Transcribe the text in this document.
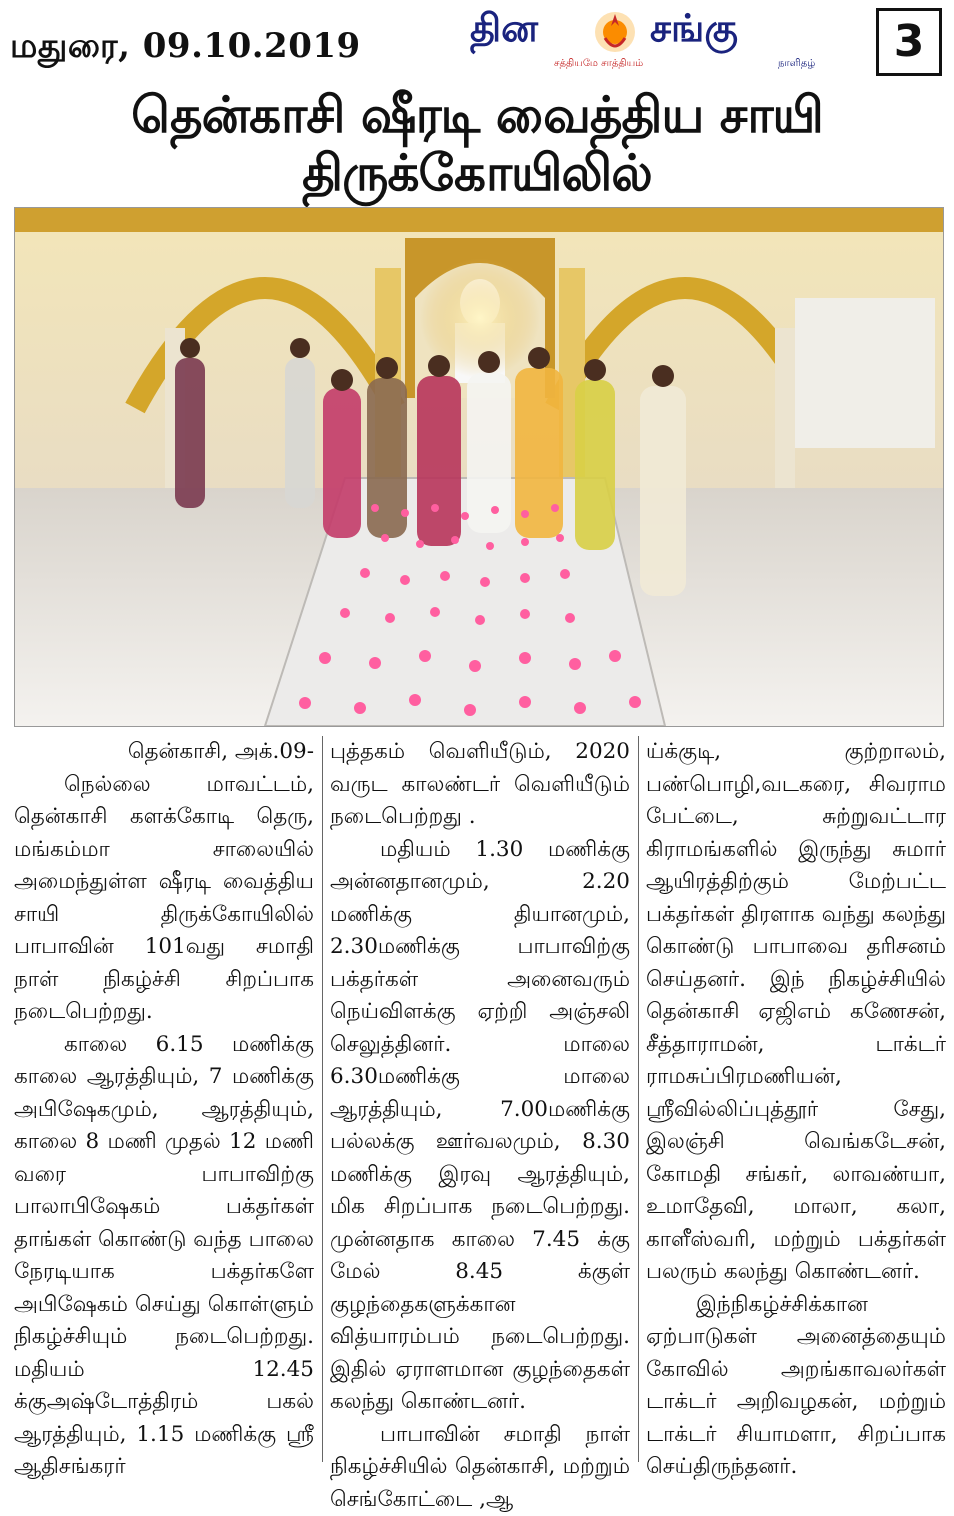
மதுரை, 09.10.2019	தின	சங்கு
சத்தியமே சாத்தியம்	நாளிதழ்	3
தென்காசி ஷீரடி வைத்திய சாயி திருக்கோயிலில்
தென்காசி, அக்.09-

நெல்லை மாவட்டம், தென்காசி களக்கோடி தெரு, மங்கம்மா சாலையில் அமைந்துள்ள ஷீரடி வைத்திய சாயி திருக்கோயிலில் பாபாவின் 101வது சமாதி நாள் நிகழ்ச்சி சிறப்பாக நடைபெற்றது.

காலை 6.15 மணிக்கு காலை ஆரத்தியும், 7 மணிக்கு அபிஷேகமும், ஆரத்தியும், காலை 8 மணி முதல் 12 மணி வரை பாபாவிற்கு பாலாபிஷேகம் பக்தர்கள் தாங்கள் கொண்டு வந்த பாலை நேரடியாக பக்தர்களே அபிஷேகம் செய்து கொள்ளும் நிகழ்ச்சியும் நடைபெற்றது. மதியம் 12.45 க்குஅஷ்டோத்திரம் பகல் ஆரத்தியும், 1.15 மணிக்கு ஸ்ரீ ஆதிசங்கரர்

புத்தகம் வெளியீடும், 2020 வருட காலண்டர் வெளியீடும் நடைபெற்றது .

மதியம் 1.30 மணிக்கு அன்னதானமும், 2.20 மணிக்கு தியானமும், 2.30மணிக்கு பாபாவிற்கு பக்தர்கள் அனைவரும் நெய்விளக்கு ஏற்றி அஞ்சலி செலுத்தினர். மாலை 6.30மணிக்கு மாலை ஆரத்தியும், 7.00மணிக்கு பல்லக்கு ஊர்வலமும், 8.30 மணிக்கு இரவு ஆரத்தியும், மிக சிறப்பாக நடைபெற்றது. முன்னதாக காலை 7.45 க்கு மேல் 8.45 க்குள் குழந்தைகளுக்கான வித்யாரம்பம் நடைபெற்றது. இதில் ஏராளமான குழந்தைகள் கலந்து கொண்டனர்.

பாபாவின் சமாதி நாள் நிகழ்ச்சியில் தென்காசி, மற்றும் செங்கோட்டை ,ஆ

ய்க்குடி, குற்றாலம், பண்பொழி,வடகரை, சிவராம பேட்டை, சுற்றுவட்டார கிராமங்களில் இருந்து சுமார் ஆயிரத்திற்கும் மேற்பட்ட பக்தர்கள் திரளாக வந்து கலந்து கொண்டு பாபாவை தரிசனம் செய்தனர். இந் நிகழ்ச்சியில் தென்காசி ஏஜிஎம் கணேசன், சீத்தாராமன், டாக்டர் ராமசுப்பிரமணியன், ஸ்ரீவில்லிப்புத்தூர் சேது, இலஞ்சி வெங்கடேசன், கோமதி சங்கர், லாவண்யா, உமாதேவி, மாலா, கலா, காளீஸ்வரி, மற்றும் பக்தர்கள் பலரும் கலந்து கொண்டனர்.

இந்நிகழ்ச்சிக்கான ஏற்பாடுகள் அனைத்தையும் கோவில் அறங்காவலர்கள் டாக்டர் அறிவழகன், மற்றும் டாக்டர் சியாமளா, சிறப்பாக செய்திருந்தனர்.
